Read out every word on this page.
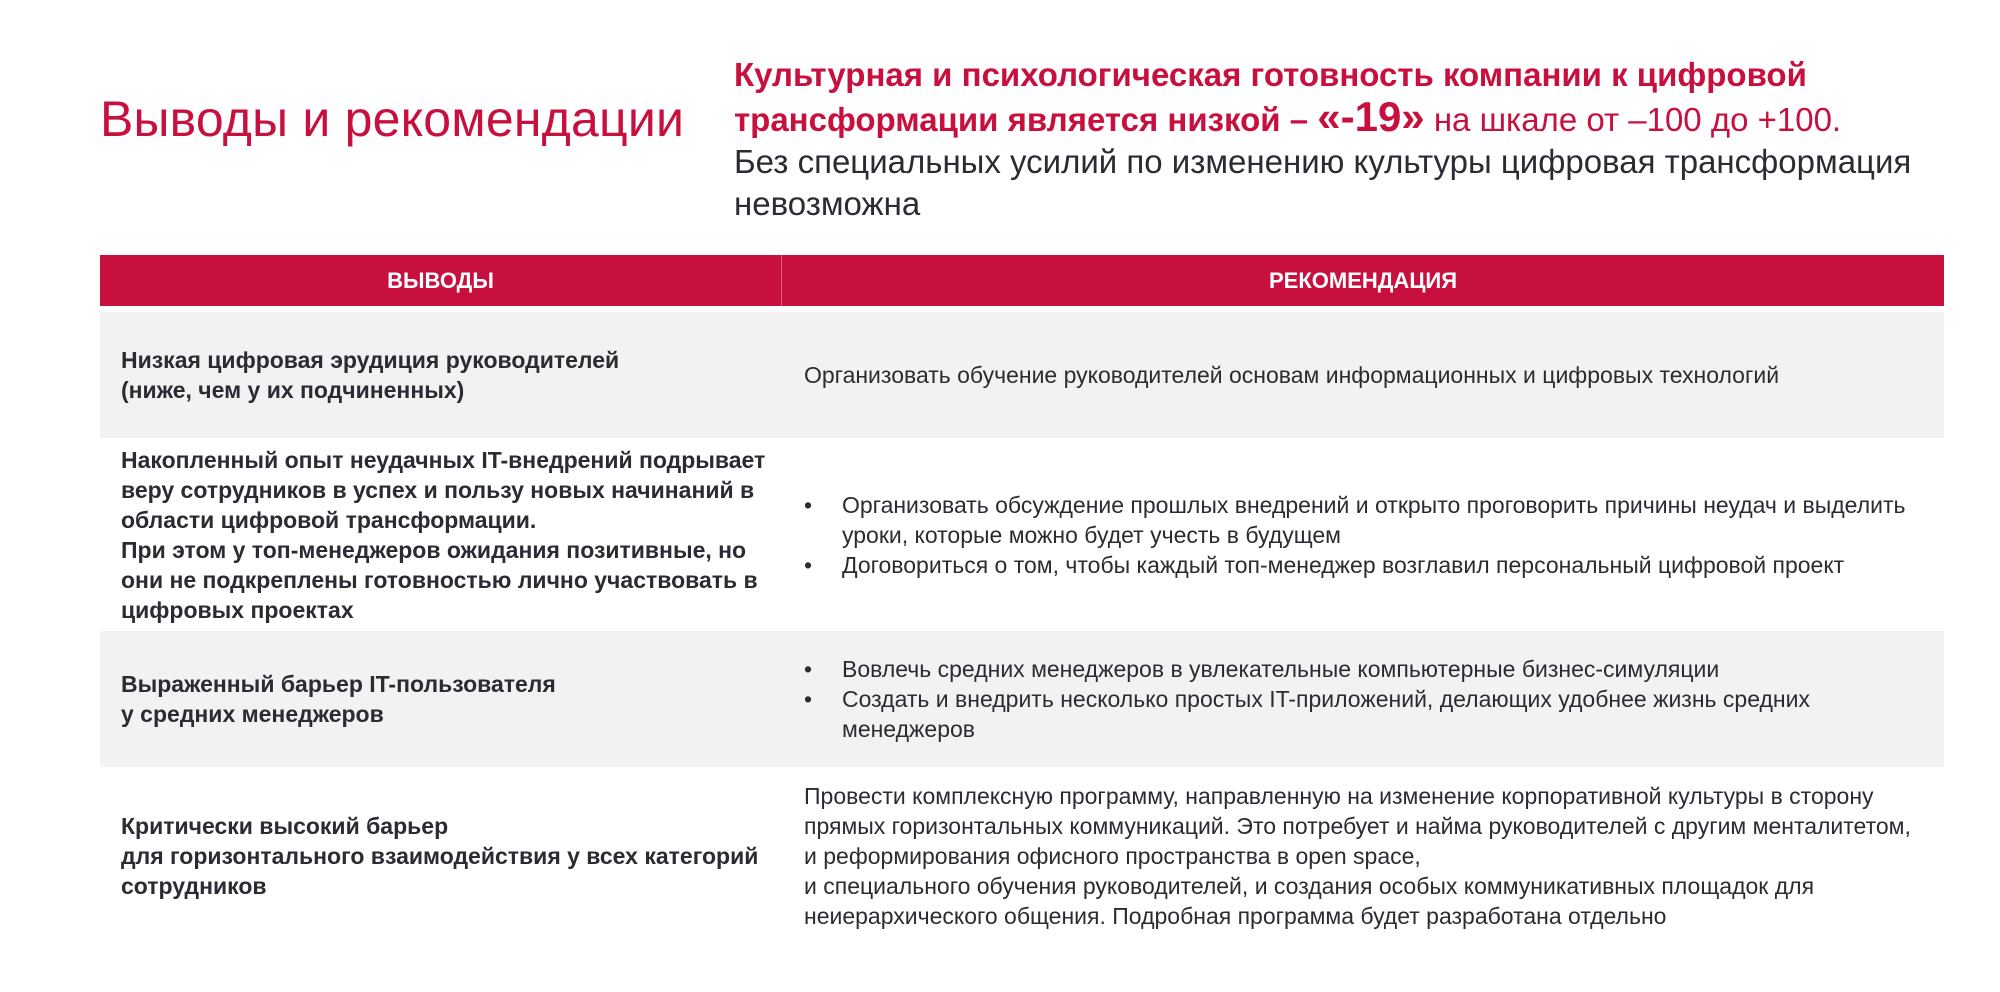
Выводы и рекомендации
Культурная и психологическая готовность компании к цифровой трансформации является низкой – «-19» на шкале от –100 до +100.
Без специальных усилий по изменению культуры цифровая трансформация невозможна
ВЫВОДЫ	РЕКОМЕНДАЦИЯ
Низкая цифровая эрудиция руководителей
(ниже, чем у их подчиненных)
Организовать обучение руководителей основам информационных и цифровых технологий
Накопленный опыт неудачных IT-внедрений подрывает веру сотрудников в успех и пользу новых начинаний в области цифровой трансформации.
При этом у топ-менеджеров ожидания позитивные, но они не подкреплены готовностью лично участвовать в цифровых проектах
• Организовать обсуждение прошлых внедрений и открыто проговорить причины неудач и выделить уроки, которые можно будет учесть в будущем
• Договориться о том, чтобы каждый топ-менеджер возглавил персональный цифровой проект
Выраженный барьер IT-пользователя
у средних менеджеров
• Вовлечь средних менеджеров в увлекательные компьютерные бизнес-симуляции
• Создать и внедрить несколько простых IT-приложений, делающих удобнее жизнь средних менеджеров
Критически высокий барьер
для горизонтального взаимодействия у всех категорий сотрудников
Провести комплексную программу, направленную на изменение корпоративной культуры в сторону прямых горизонтальных коммуникаций. Это потребует и найма руководителей с другим менталитетом, и реформирования офисного пространства в open space,
и специального обучения руководителей, и создания особых коммуникативных площадок для неиерархического общения. Подробная программа будет разработана отдельно
